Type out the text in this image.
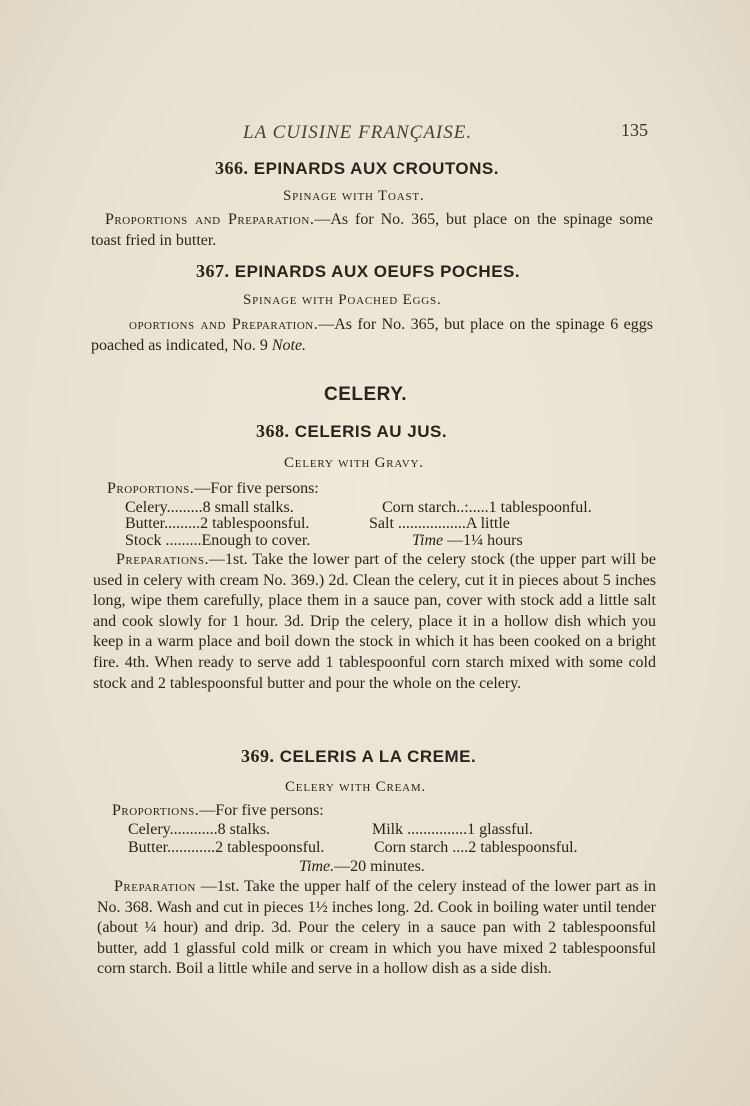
LA CUISINE FRANÇAISE.	135
366. EPINARDS AUX CROUTONS.
Spinage with Toast.
Proportions and Preparation.—As for No. 365, but place on the spinage some toast fried in butter.
367. EPINARDS AUX OEUFS POCHES.
Spinage with Poached Eggs.
oportions and Preparation.—As for No. 365, but place on the spinage 6 eggs poached as indicated, No. 9 Note.
CELERY.
368. CELERIS AU JUS.
Celery with Gravy.
Proportions.—For five persons:
Celery.........8 small stalks.	Corn starch..:.....1 tablespoonful.
Butter.........2 tablespoonsful.	Salt .................A little
Stock .........Enough to cover.	Time —1¼ hours
Preparations.—1st. Take the lower part of the celery stock (the upper part will be used in celery with cream No. 369.) 2d. Clean the celery, cut it in pieces about 5 inches long, wipe them carefully, place them in a sauce pan, cover with stock add a little salt and cook slowly for 1 hour. 3d. Drip the celery, place it in a hollow dish which you keep in a warm place and boil down the stock in which it has been cooked on a bright fire. 4th. When ready to serve add 1 tablespoonful corn starch mixed with some cold stock and 2 tablespoonsful butter and pour the whole on the celery.
369. CELERIS A LA CREME.
Celery with Cream.
Proportions.—For five persons:
Celery............8 stalks.	Milk ...............1 glassful.
Butter............2 tablespoonsful.	Corn starch ....2 tablespoonsful.
Time.—20 minutes.
Preparation —1st. Take the upper half of the celery instead of the lower part as in No. 368. Wash and cut in pieces 1½ inches long. 2d. Cook in boiling water until tender (about ¼ hour) and drip. 3d. Pour the celery in a sauce pan with 2 tablespoonsful butter, add 1 glassful cold milk or cream in which you have mixed 2 tablespoonsful corn starch. Boil a little while and serve in a hollow dish as a side dish.
